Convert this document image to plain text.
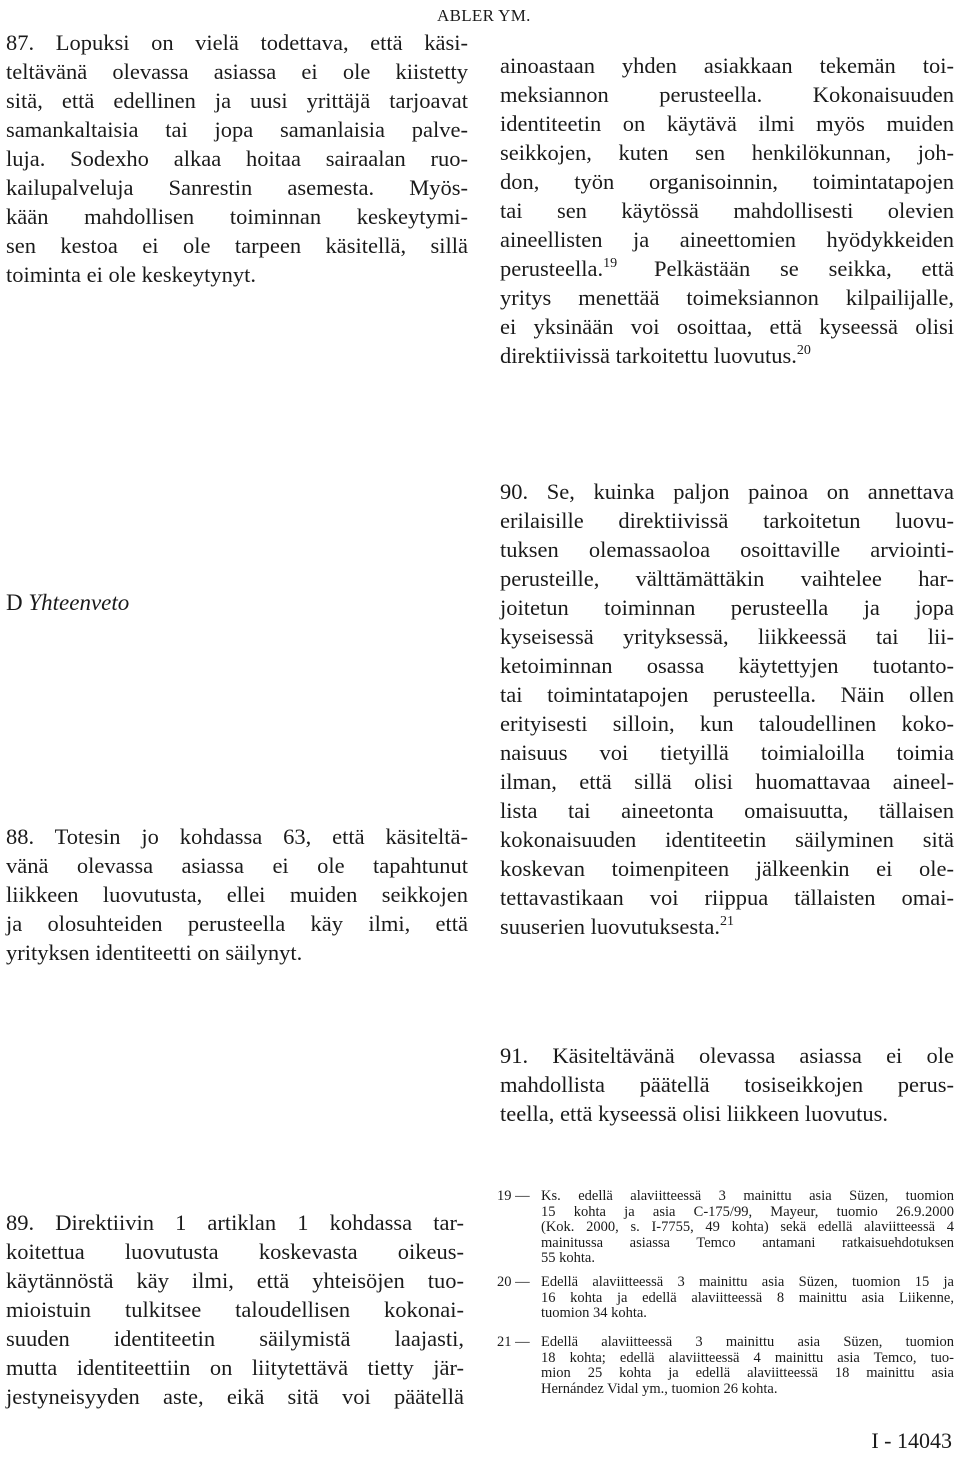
ABLER YM.
87. Lopuksi on vielä todettava, että käsi-
teltävänä olevassa asiassa ei ole kiistetty
sitä, että edellinen ja uusi yrittäjä tarjoavat
samankaltaisia tai jopa samanlaisia palve-
luja. Sodexho alkaa hoitaa sairaalan ruo-
kailupalveluja Sanrestin asemesta. Myös-
kään mahdollisen toiminnan keskeytymi-
sen kestoa ei ole tarpeen käsitellä, sillä
toiminta ei ole keskeytynyt.
ainoastaan yhden asiakkaan tekemän toi-
meksiannon perusteella. Kokonaisuuden
identiteetin on käytävä ilmi myös muiden
seikkojen, kuten sen henkilökunnan, joh-
don, työn organisoinnin, toimintatapojen
tai sen käytössä mahdollisesti olevien
aineellisten ja aineettomien hyödykkeiden
perusteella.$^{19}$ Pelkästään se seikka, että
yritys menettää toimeksiannon kilpailijalle,
ei yksinään voi osoittaa, että kyseessä olisi
direktiivissä tarkoitettu luovutus.$^{20}$
D Yhteenveto
90. Se, kuinka paljon painoa on annettava
erilaisille direktiivissä tarkoitetun luovu-
tuksen olemassaoloa osoittaville arviointi-
perusteille, välttämättäkin vaihtelee har-
joitetun toiminnan perusteella ja jopa
kyseisessä yrityksessä, liikkeessä tai lii-
ketoiminnan osassa käytettyjen tuotanto-
tai toimintatapojen perusteella. Näin ollen
erityisesti silloin, kun taloudellinen koko-
naisuus voi tietyillä toimialoilla toimia
ilman, että sillä olisi huomattavaa aineel-
lista tai aineetonta omaisuutta, tällaisen
kokonaisuuden identiteetin säilyminen sitä
koskevan toimenpiteen jälkeenkin ei ole-
tettavastikaan voi riippua tällaisten omai-
suuserien luovutuksesta.$^{21}$
88. Totesin jo kohdassa 63, että käsiteltä-
vänä olevassa asiassa ei ole tapahtunut
liikkeen luovutusta, ellei muiden seikkojen
ja olosuhteiden perusteella käy ilmi, että
yrityksen identiteetti on säilynyt.
91. Käsiteltävänä olevassa asiassa ei ole
mahdollista päätellä tosiseikkojen perus-
teella, että kyseessä olisi liikkeen luovutus.
89. Direktiivin 1 artiklan 1 kohdassa tar-
koitettua luovutusta koskevasta oikeus-
käytännöstä käy ilmi, että yhteisöjen tuo-
mioistuin tulkitsee taloudellisen kokonai-
suuden identiteetin säilymistä laajasti,
mutta identiteettiin on liitytettävä tietty jär-
jestyneisyyden aste, eikä sitä voi päätellä
19 — Ks. edellä alaviitteessä 3 mainittu asia Süzen, tuomion
15 kohta ja asia C-175/99, Mayeur, tuomio 26.9.2000
(Kok. 2000, s. I-7755, 49 kohta) sekä edellä alaviitteessä 4
mainitussa asiassa Temco antamani ratkaisuehdotuksen
55 kohta.
20 — Edellä alaviitteessä 3 mainittu asia Süzen, tuomion 15 ja
16 kohta ja edellä alaviitteessä 8 mainittu asia Liikenne,
tuomion 34 kohta.
21 — Edellä alaviitteessä 3 mainittu asia Süzen, tuomion
18 kohta; edellä alaviitteessä 4 mainittu asia Temco, tuo-
mion 25 kohta ja edellä alaviitteessä 18 mainittu asia
Hernández Vidal ym., tuomion 26 kohta.
I - 14043
